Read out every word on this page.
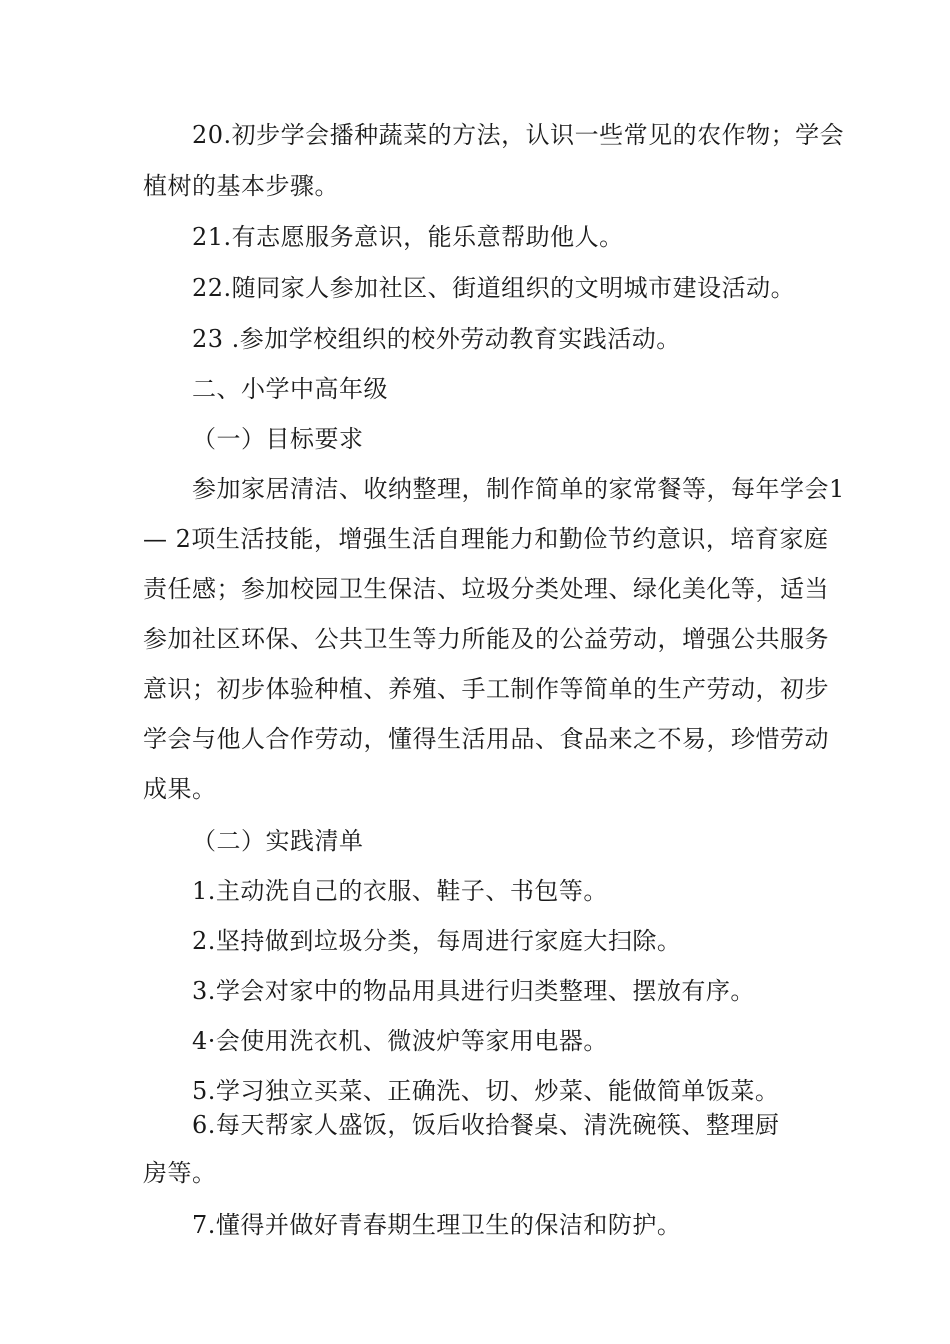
20.初步学会播种蔬菜的方法，认识一些常见的农作物；学会
植树的基本步骤。
21.有志愿服务意识，能乐意帮助他人。
22.随同家人参加社区、街道组织的文明城市建设活动。
23 .参加学校组织的校外劳动教育实践活动。
二、小学中高年级
（一）目标要求
参加家居清洁、收纳整理，制作简单的家常餐等，每年学会1
— 2项生活技能，增强生活自理能力和勤俭节约意识，培育家庭
责任感；参加校园卫生保洁、垃圾分类处理、绿化美化等，适当
参加社区环保、公共卫生等力所能及的公益劳动，增强公共服务
意识；初步体验种植、养殖、手工制作等简单的生产劳动，初步
学会与他人合作劳动，懂得生活用品、食品来之不易，珍惜劳动
成果。
（二）实践清单
1.主动洗自己的衣服、鞋子、书包等。
2.坚持做到垃圾分类，每周进行家庭大扫除。
3.学会对家中的物品用具进行归类整理、摆放有序。
4·会使用洗衣机、微波炉等家用电器。
5.学习独立买菜、正确洗、切、炒菜、能做简单饭菜。
6.每天帮家人盛饭，饭后收拾餐桌、清洗碗筷、整理厨
房等。
7.懂得并做好青春期生理卫生的保洁和防护。
